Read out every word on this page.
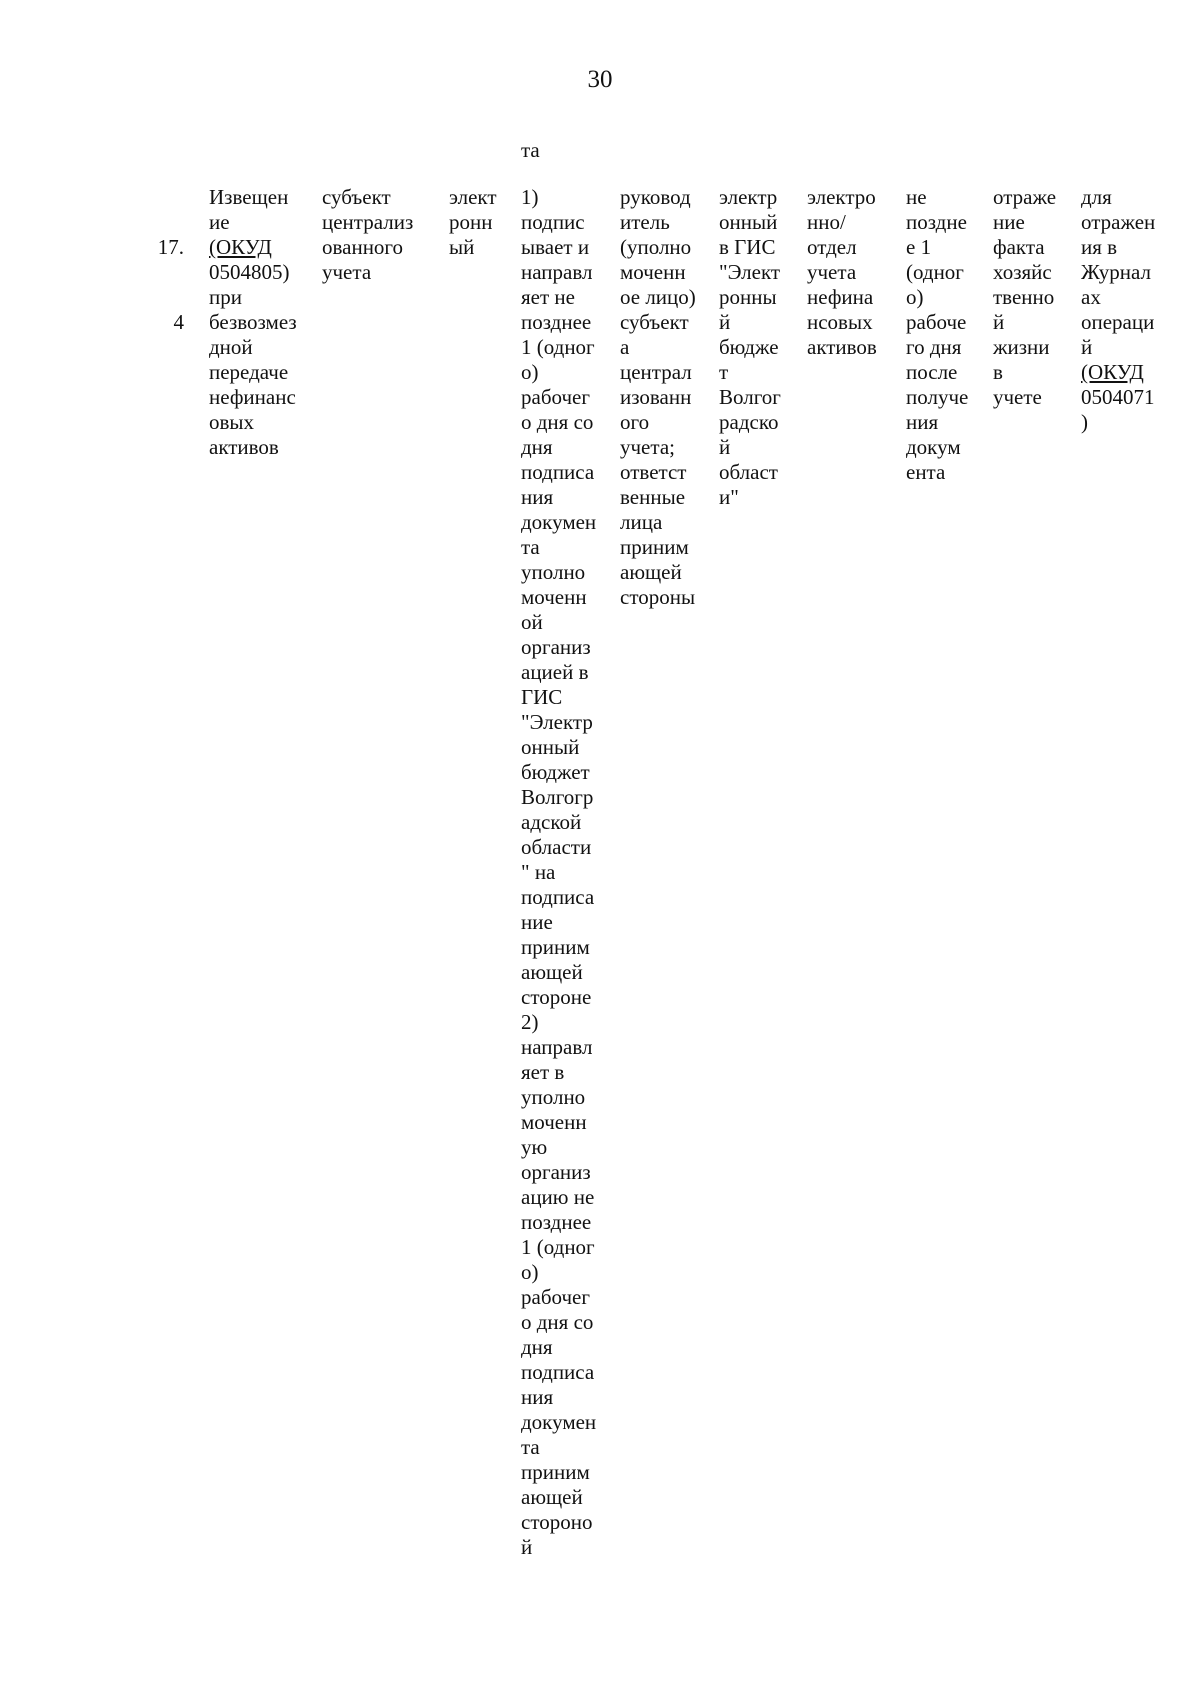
30
та

17.

4

Извещен
ие
(ОКУД
0504805)
при
безвозмез
дной
передаче
нефинанс
овых
активов
субъект
централиз
ованного
учета
элект
ронн
ый
1)
подпис
ывает и
направл
яет не
позднее
1 (одног
о)
рабочег
о дня со
дня
подписа
ния
докумен
та
уполно
моченн
ой
организ
ацией в
ГИС
"Электр
онный
бюджет
Волгогр
адской
области
" на
подписа
ние
приним
ающей
стороне
2)
направл
яет в
уполно
моченн
ую
организ
ацию не
позднее
1 (одног
о)
рабочег
о дня со
дня
подписа
ния
докумен
та
приним
ающей
стороно
й
руковод
итель
(уполно
моченн
ое лицо)
субъект
а
централ
изованн
ого
учета;
ответст
венные
лица
приним
ающей
стороны
электр
онный
в ГИС
"Элект
ронны
й
бюдже
т
Волгог
радско
й
област
и"
электро
нно/
отдел
учета
нефина
нсовых
активов
не
поздне
е 1
(одног
о)
рабоче
го дня
после
получе
ния
докум
ента
отраже
ние
факта
хозяйс
твенно
й
жизни
в
учете
для
отражен
ия в
Журнал
ах
операци
й
(ОКУД
0504071
)
